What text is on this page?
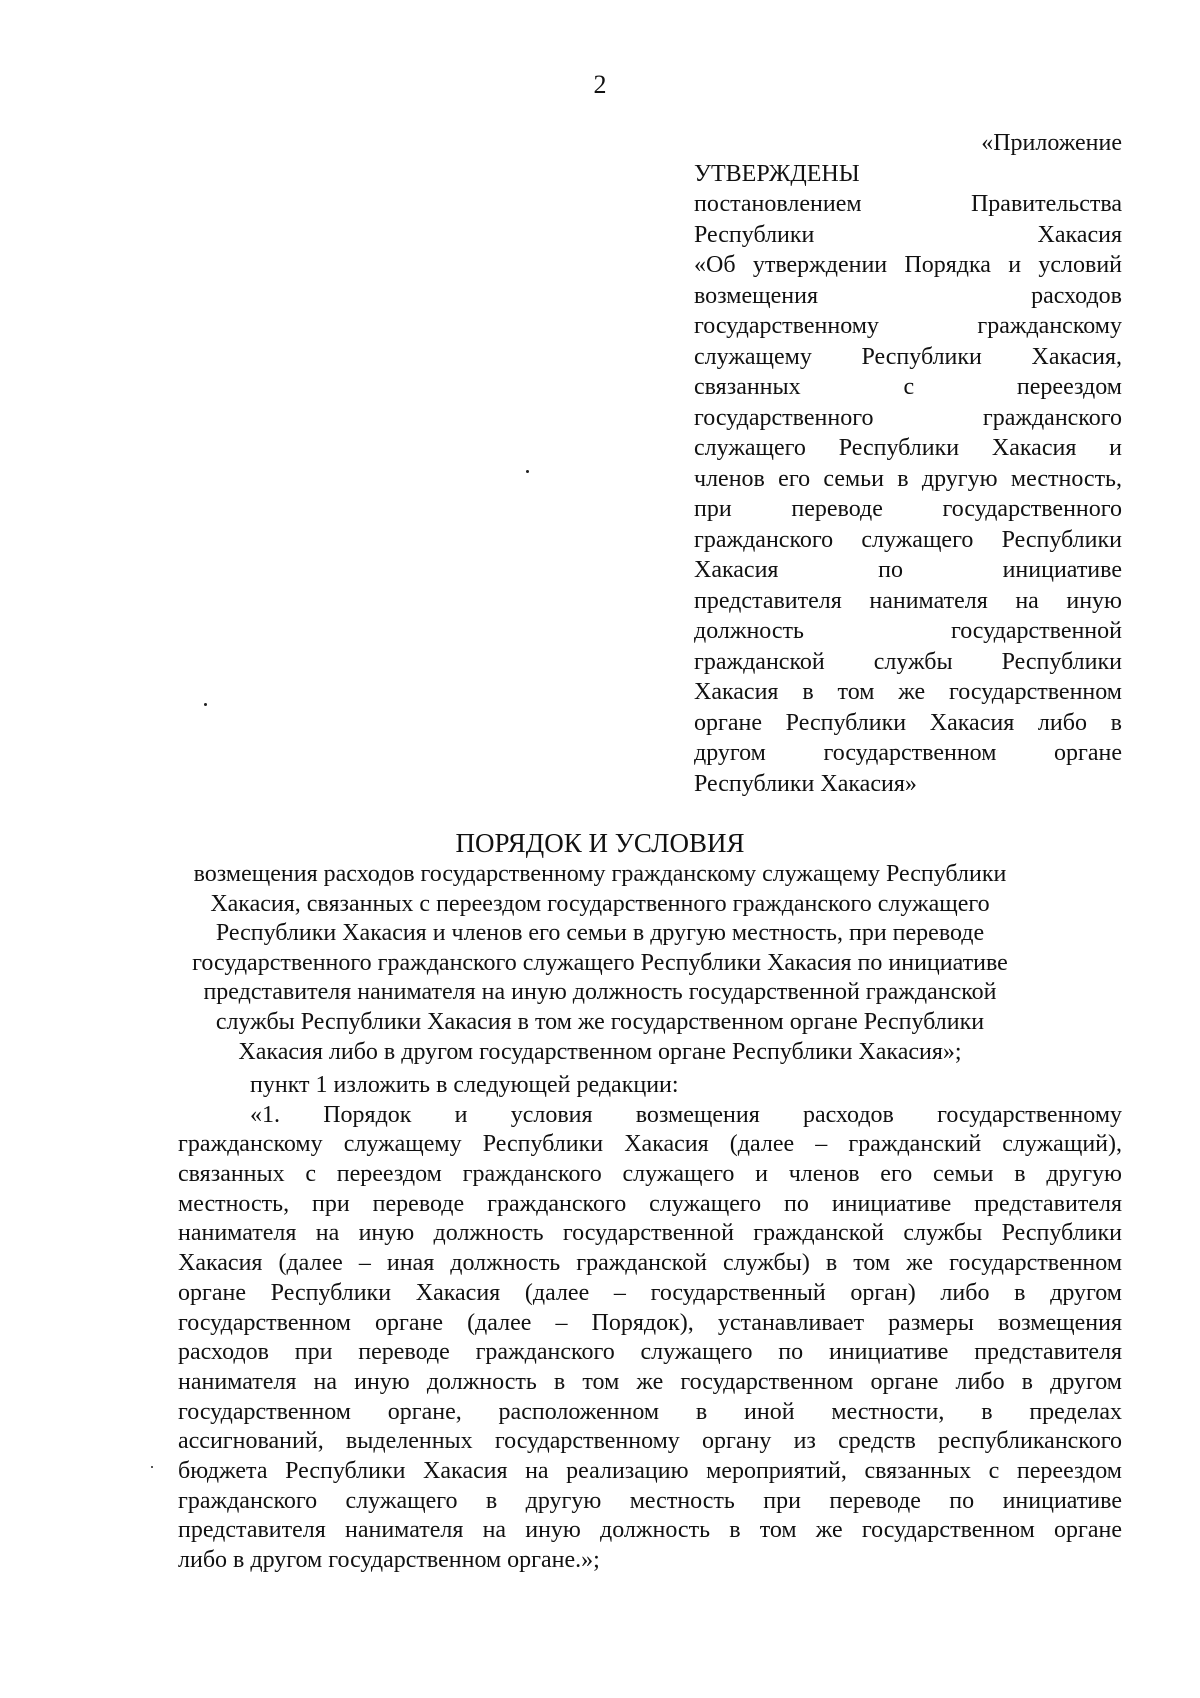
2
«Приложение
УТВЕРЖДЕНЫ
постановлением Правительства
Республики Хакасия
«Об утверждении Порядка и условий
возмещения расходов
государственному гражданскому
служащему Республики Хакасия,
связанных с переездом
государственного гражданского
служащего Республики Хакасия и
членов его семьи в другую местность,
при переводе государственного
гражданского служащего Республики
Хакасия по инициативе
представителя нанимателя на иную
должность государственной
гражданской службы Республики
Хакасия в том же государственном
органе Республики Хакасия либо в
другом государственном органе
Республики Хакасия»
ПОРЯДОК И УСЛОВИЯ
возмещения расходов государственному гражданскому служащему Республики
Хакасия, связанных с переездом государственного гражданского служащего
Республики Хакасия и членов его семьи в другую местность, при переводе
государственного гражданского служащего Республики Хакасия по инициативе
представителя нанимателя на иную должность государственной гражданской
службы Республики Хакасия в том же государственном органе Республики
Хакасия либо в другом государственном органе Республики Хакасия»;
пункт 1 изложить в следующей редакции:
«1. Порядок и условия возмещения расходов государственному
гражданскому служащему Республики Хакасия (далее – гражданский служащий),
связанных с переездом гражданского служащего и членов его семьи в другую
местность, при переводе гражданского служащего по инициативе представителя
нанимателя на иную должность государственной гражданской службы Республики
Хакасия (далее – иная должность гражданской службы) в том же государственном
органе Республики Хакасия (далее – государственный орган) либо в другом
государственном органе (далее – Порядок), устанавливает размеры возмещения
расходов при переводе гражданского служащего по инициативе представителя
нанимателя на иную должность в том же государственном органе либо в другом
государственном органе, расположенном в иной местности, в пределах
ассигнований, выделенных государственному органу из средств республиканского
бюджета Республики Хакасия на реализацию мероприятий, связанных с переездом
гражданского служащего в другую местность при переводе по инициативе
представителя нанимателя на иную должность в том же государственном органе
либо в другом государственном органе.»;
